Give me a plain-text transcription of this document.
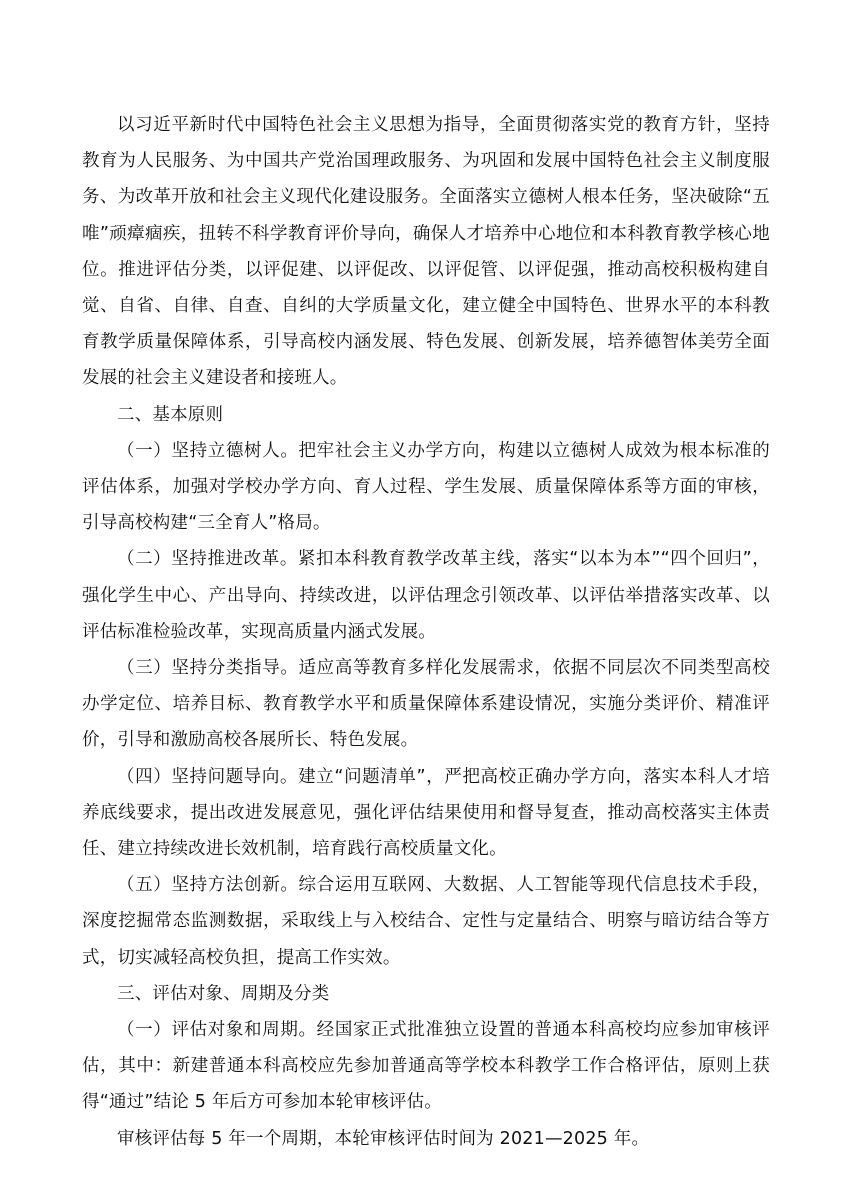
以习近平新时代中国特色社会主义思想为指导，全面贯彻落实党的教育方针，坚持教育为人民服务、为中国共产党治国理政服务、为巩固和发展中国特色社会主义制度服务、为改革开放和社会主义现代化建设服务。全面落实立德树人根本任务，坚决破除“五唯”顽瘴痼疾，扭转不科学教育评价导向，确保人才培养中心地位和本科教育教学核心地位。推进评估分类，以评促建、以评促改、以评促管、以评促强，推动高校积极构建自觉、自省、自律、自查、自纠的大学质量文化，建立健全中国特色、世界水平的本科教育教学质量保障体系，引导高校内涵发展、特色发展、创新发展，培养德智体美劳全面发展的社会主义建设者和接班人。

二、基本原则

（一）坚持立德树人。把牢社会主义办学方向，构建以立德树人成效为根本标准的评估体系，加强对学校办学方向、育人过程、学生发展、质量保障体系等方面的审核，引导高校构建“三全育人”格局。

（二）坚持推进改革。紧扣本科教育教学改革主线，落实“以本为本”“四个回归”，强化学生中心、产出导向、持续改进，以评估理念引领改革、以评估举措落实改革、以评估标准检验改革，实现高质量内涵式发展。

（三）坚持分类指导。适应高等教育多样化发展需求，依据不同层次不同类型高校办学定位、培养目标、教育教学水平和质量保障体系建设情况，实施分类评价、精准评价，引导和激励高校各展所长、特色发展。

（四）坚持问题导向。建立“问题清单”，严把高校正确办学方向，落实本科人才培养底线要求，提出改进发展意见，强化评估结果使用和督导复查，推动高校落实主体责任、建立持续改进长效机制，培育践行高校质量文化。

（五）坚持方法创新。综合运用互联网、大数据、人工智能等现代信息技术手段，深度挖掘常态监测数据，采取线上与入校结合、定性与定量结合、明察与暗访结合等方式，切实减轻高校负担，提高工作实效。

三、评估对象、周期及分类

（一）评估对象和周期。经国家正式批准独立设置的普通本科高校均应参加审核评估，其中：新建普通本科高校应先参加普通高等学校本科教学工作合格评估，原则上获得“通过”结论 5 年后方可参加本轮审核评估。

审核评估每 5 年一个周期，本轮审核评估时间为 2021—2025 年。
